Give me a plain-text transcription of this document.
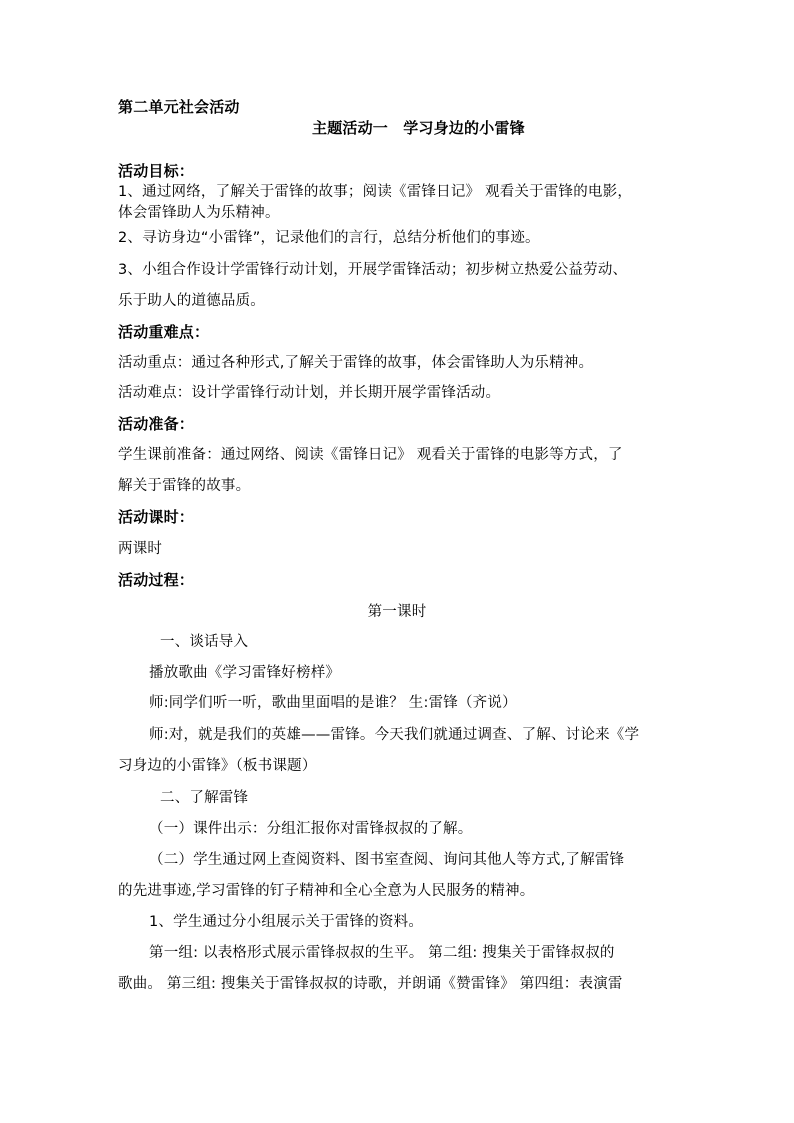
第二单元社会活动
主题活动一　学习身边的小雷锋
活动目标：
1、通过网络，了解关于雷锋的故事；阅读《雷锋日记》 观看关于雷锋的电影，
体会雷锋助人为乐精神。
2、寻访身边“小雷锋”，记录他们的言行，总结分析他们的事迹。
3、小组合作设计学雷锋行动计划，开展学雷锋活动；初步树立热爱公益劳动、
乐于助人的道德品质。
活动重难点：
活动重点：通过各种形式,了解关于雷锋的故事，体会雷锋助人为乐精神。
活动难点：设计学雷锋行动计划，并长期开展学雷锋活动。
活动准备：
学生课前准备：通过网络、阅读《雷锋日记》 观看关于雷锋的电影等方式，了
解关于雷锋的故事。
活动课时：
两课时
活动过程：
第一课时
一、谈话导入
播放歌曲《学习雷锋好榜样》
师:同学们听一听，歌曲里面唱的是谁？ 生:雷锋（齐说）
师:对，就是我们的英雄——雷锋。今天我们就通过调查、了解、讨论来《学
习身边的小雷锋》（板书课题）
二、了解雷锋
（一）课件出示：分组汇报你对雷锋叔叔的了解。
（二）学生通过网上查阅资料、图书室查阅、询问其他人等方式,了解雷锋
的先进事迹,学习雷锋的钉子精神和全心全意为人民服务的精神。
1、学生通过分小组展示关于雷锋的资料。
第一组: 以表格形式展示雷锋叔叔的生平。 第二组: 搜集关于雷锋叔叔的
歌曲。 第三组: 搜集关于雷锋叔叔的诗歌，并朗诵《赞雷锋》 第四组：表演雷
